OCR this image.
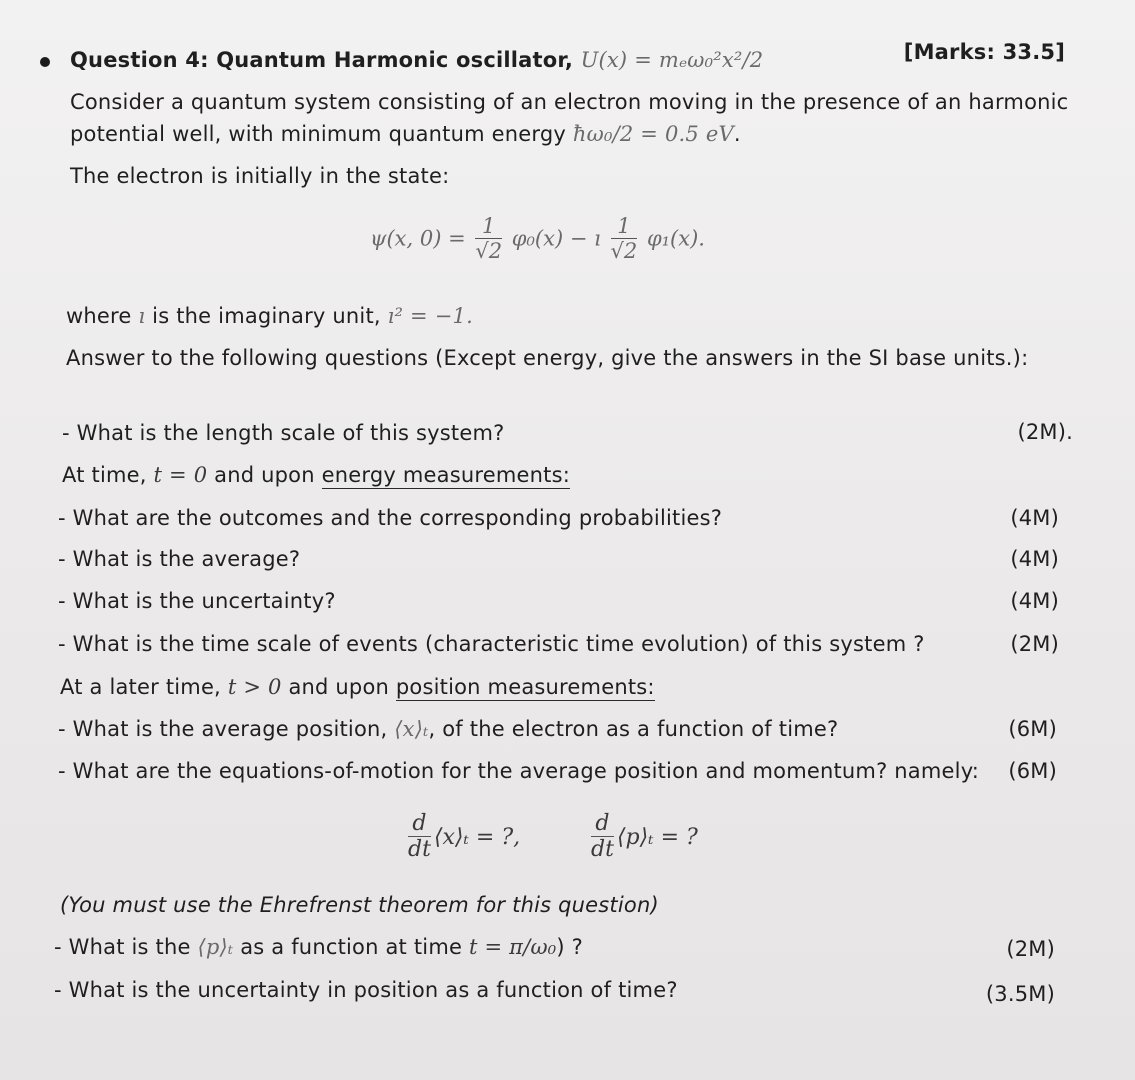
Question 4: Quantum Harmonic oscillator, U(x) = mₑω₀²x²/2	[Marks: 33.5]
Consider a quantum system consisting of an electron moving in the presence of an harmonic
potential well, with minimum quantum energy ħω₀/2 = 0.5 eV.
The electron is initially in the state:
ψ(x, $0) = \frac{1}{√2} \varphi_0(x)$ − ı $\frac{1}{√2} \varphi_1(x)$.
where ı is the imaginary unit, ı² = −1.
Answer to the following questions (Except energy, give the answers in the SI base units.):
- What is the length scale of this system?	(2M).
At time, t = 0 and upon energy measurements:
- What are the outcomes and the corresponding probabilities?	(4M)
- What is the average?	(4M)
- What is the uncertainty?	(4M)
- What is the time scale of events (characteristic time evolution) of this system ?	(2M)
At a later time, t > 0 and upon position measurements:
- What is the average position, ⟨x⟩ₜ, of the electron as a function of time?	(6M)
- What are the equations-of-motion for the average position and momentum? namely: (6M)
$\frac{d}{dt}$ ⟨x⟩ₜ = ?,	$\frac{d}{dt}$ ⟨p⟩ₜ = ?
(You must use the Ehrefrenst theorem for this question)
- What is the ⟨p⟩ₜ as a function at time t = π/ω₀) ?	(2M)
- What is the uncertainty in position as a function of time?	(3.5M)
